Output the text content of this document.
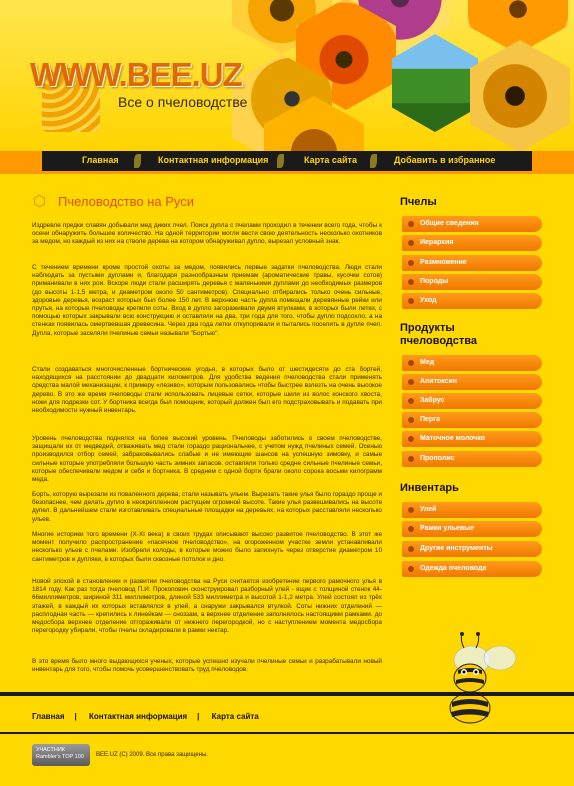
WWW.BEE.UZ
Все о пчеловодстве
Главная	Контактная информация	Карта сайта	Добавить в избранное
⬡ Пчеловодство на Руси
Издревле предки славян добывали мед диких пчел. Поиск дупла с пчелами проходил в течении всего года, чтобы к осени обнаружить большее количество. На одной территории могли вести свою деятельность несколько охотников за медом, но каждый из них на стволе дерева на котором обнаруживал дупло, вырезал условный знак.
С течением времени кроме простой охоты за медом, появились первые задатки пчеловодства. Люди стали наблюдать за пустыми дуплами и, благодаря разнообразным приемам (ароматические травы, кусочки сотов) приманивали в них рои. Вскоре люди стали расширять деревья с маленькими дуплами до необходимых размеров (до высоты 1-1,5 метра, и диаметром около 50 сантиметров). Специально отбирались только очень сильные, здоровые деревья, возраст которых был более 150 лет. В верхнюю часть дупла помещали деревянные рейки или прутья, на которые пчеловоды крепили соты. Вход в дупло загораживали двумя втулками, в которых были летки, с помощью которых закрывали всю конструкцию и оставляли на два, три года для того, чтобы дупло подсохло, а на стенках появилась омертвевшая древесина. Через два года летки откупоривали и пытались поселить в дупле пчел. Дупла, которые заселяли пчелиные семьи называли "Бортью".
Стали создаваться многочисленные бортнические угодья, в которых было от шестидесяти до ста бортей, находящихся на расстоянии до двадцати километров. Для удобства ведения пчеловодства стали применять средства малой механизации, к примеру «лезиво», которым пользовались чтобы быстрее взлезть на очень высокое дерево. В это же время пчеловоды стали использовать лицевые сетки, которые шили из волос конского хвоста, ножи для подрезки сот. У бортника всегда был помощник, который должен был его подстраховывать и подавать при необходимости нужный инвентарь.
Уровень пчеловодства поднялся на более высокий уровень. Пчеловоды заботились о своем пчеловодстве, защищали их от медведей, отваживать мед стали гораздо рациональнее, с учетом нужд пчелиных семей. Осенью производился отбор семей, забраковывались слабые и не имеющие шансов на успешную зимовку, и самые сильные которые употребляли большую часть зимних запасов. оставляли только средне сильные пчелиные семьи, которые обеспечивали медом и себя и бортника. В среднем с одной борти брали около сорока восьми килограмм меда.
Борть, которую вырезали из поваленного дерева, стали называть ульем. Вырезать такие улья было гораздо проще и безопаснее, чем делать дупло в неокрепленном растущем огромной высоте. Такие улья развешивались на высоте дупел. В дальнейшем стали изготавливать специальные площадки на деревьях, на которых расставляли несколько ульев.
Многие историки того времени (Х-ХI века) в своих трудах описывают высоко развитое пчеловодство. В этот же момент получило распространение «пасечное пчеловодство», на огороженном участке земли устанавливали несколько ульев с пчелами. Изобрели колоды, в которые можно было запихнуть через отверстие диаметром 10 сантиметров и дупляки, в которых были сквозные потолок и дно.
Новой эпохой в становлении и развитии пчеловодства на Руси считается изобретение первого рамочного улья в 1814 году. Как раз тогда пчеловод П.И. Прокопович сконструировал разборный улей - ящик с толщиной стенок 44-66миллиметров, шириной 311 миллиметров, длиной 533 миллиметра и высотой 1-1,2 метра. Улей состоял из трёх этажей, в каждый их которых вставлялся в улей, а снаружи закрывался втулкой. Соты нижних отделений — расплодная часть — крепились к линейкам — сноззам, а верхнее отделение заполнялось настоящими рамками. до медосбора верхнее отделение отгораживали от нижнего перегородкой, но с наступлением момента медосбора перегородку убирали, чтобы пчелы складировали в рамки нектар.
В это время было много выдающихся ученых, которые успешно изучали пчелиные семьи и разрабатывали новый инвентарь для того, чтобы помочь усовершенствовать труд пчеловодов.
Пчелы
Общие сведения
Иерархия
Размножение
Породы
Уход
Продукты пчеловодства
Мед
Апитоксин
Забрус
Перга
Маточное молочко
Прополис
Инвентарь
Улей
Рамки ульевые
Другие инструменты
Одежда пчеловода
Главная | Контактная информация | Карта сайта
УЧАСТНИК Rambler's TOP 100	BEE.UZ (C) 2009. Все права защищены.
